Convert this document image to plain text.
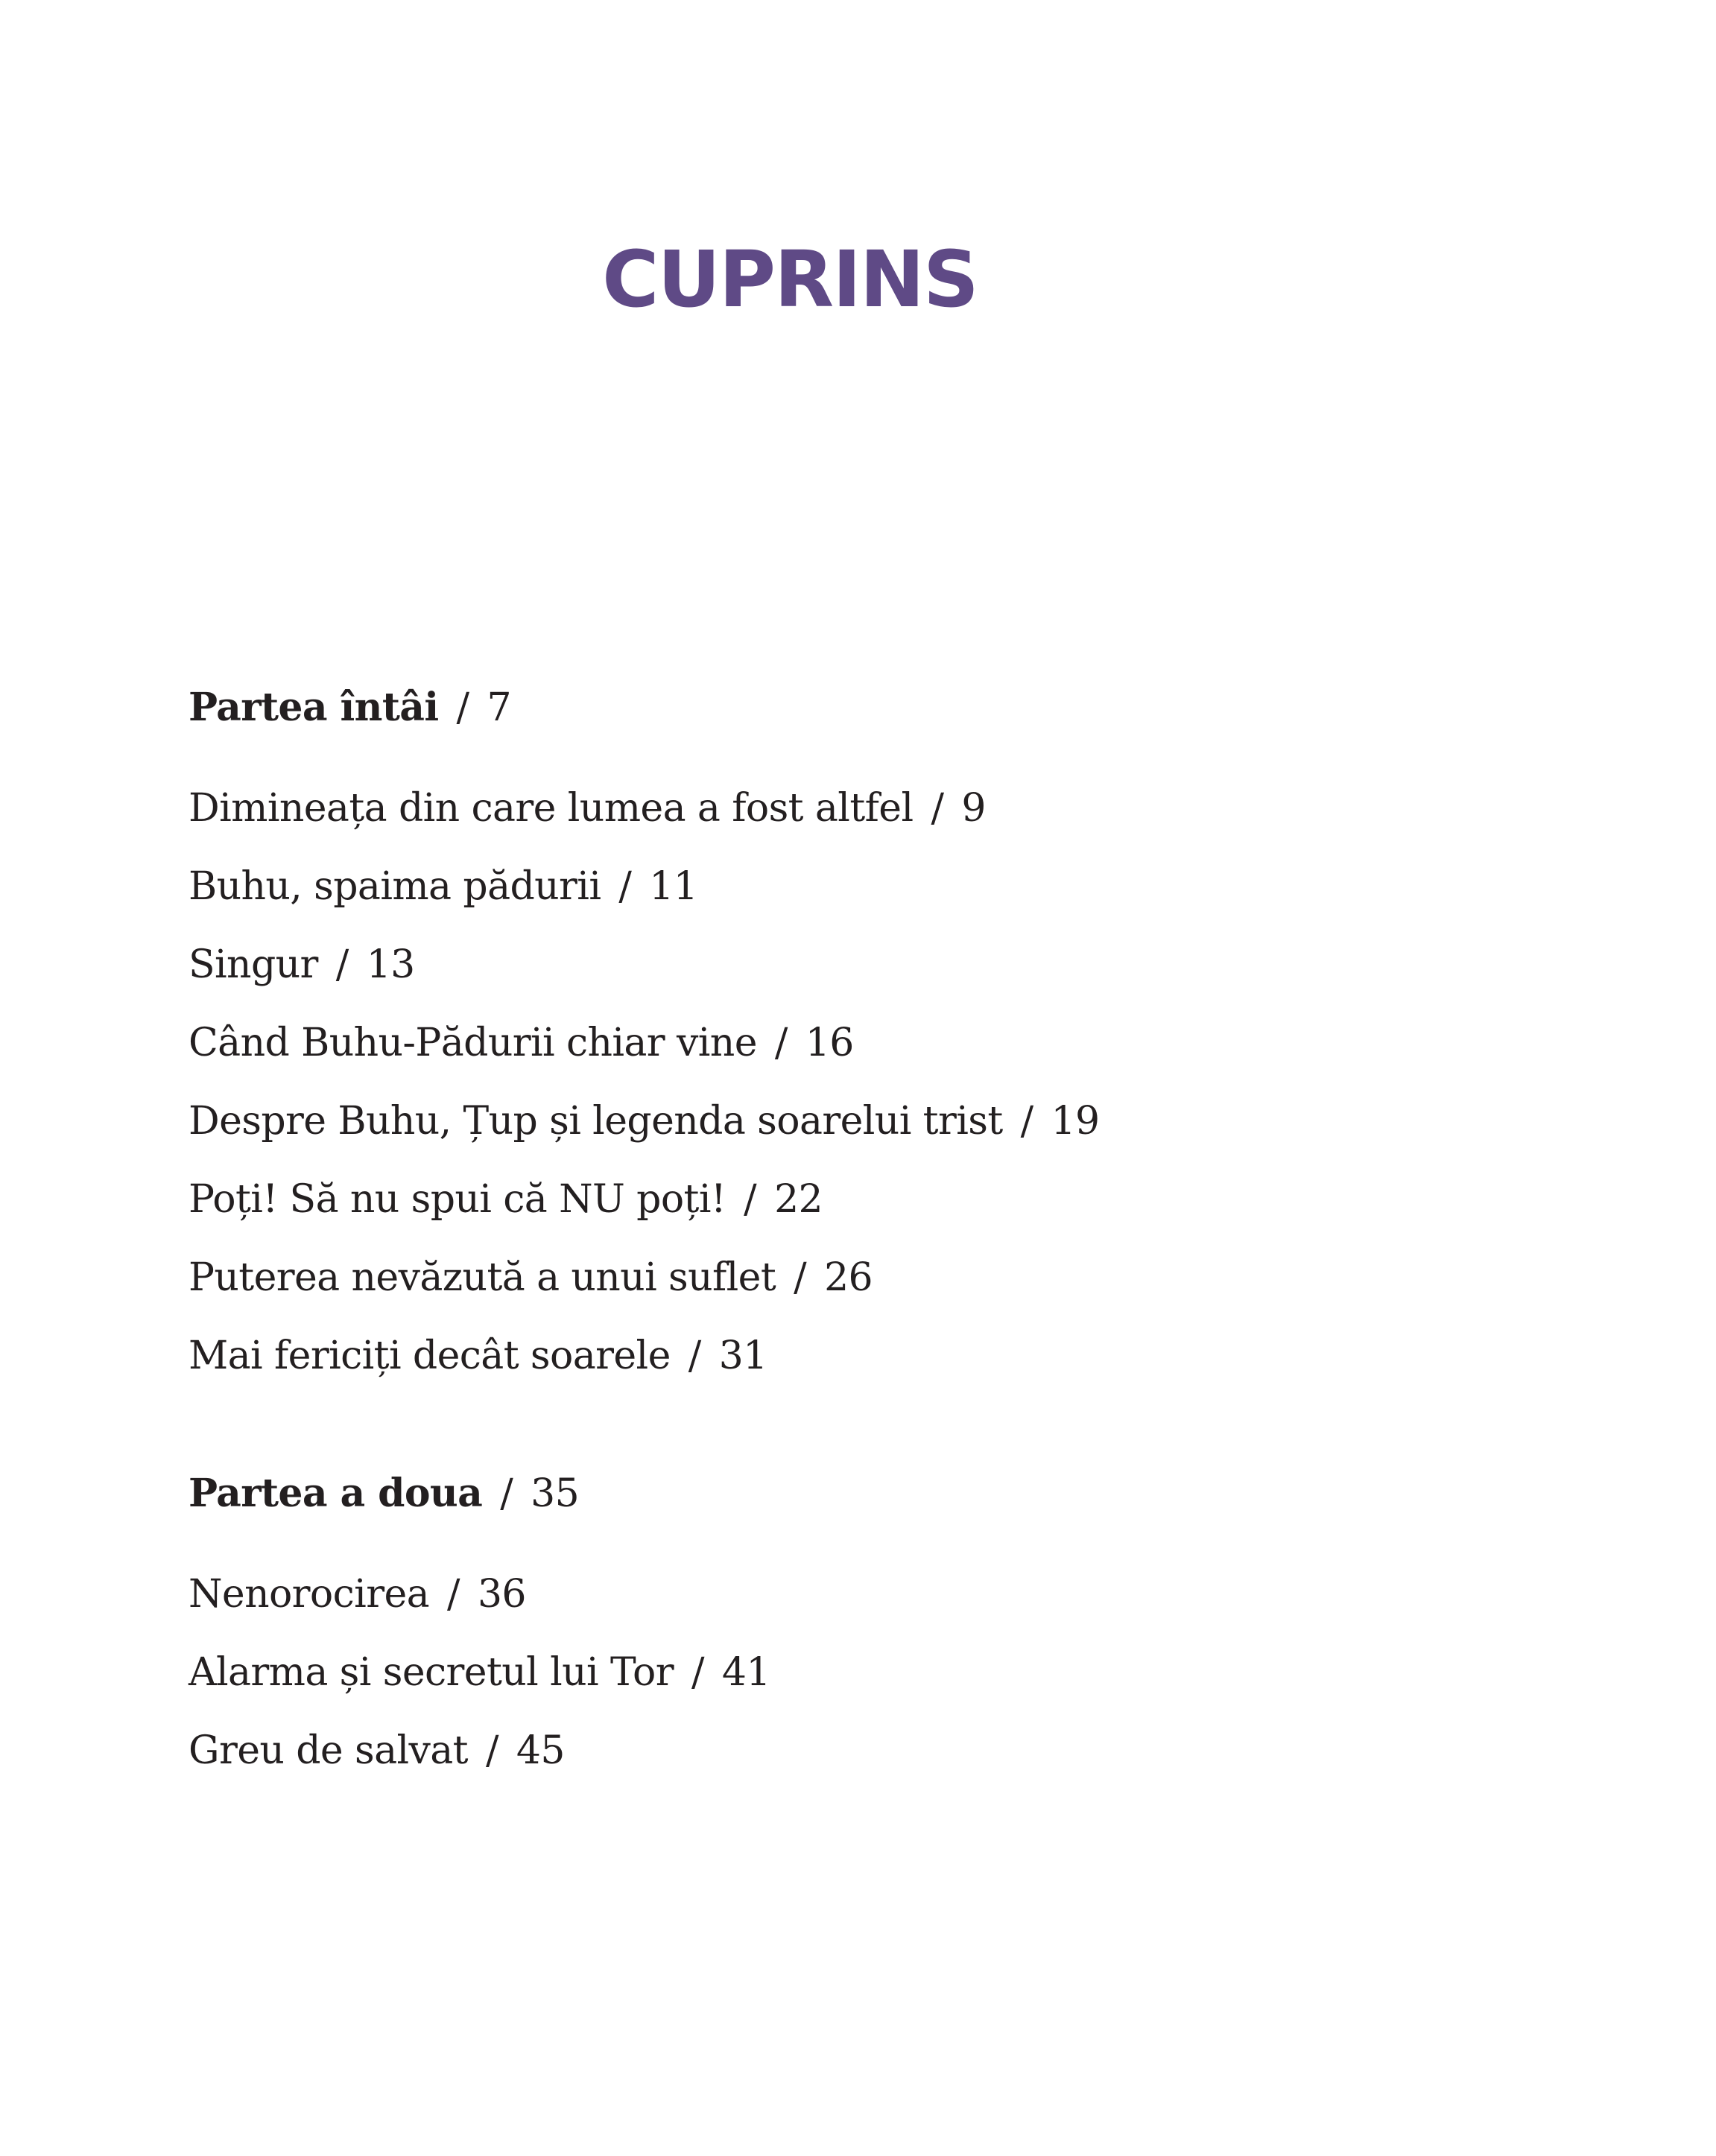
CUPRINS
Partea întâi / 7
Dimineața din care lumea a fost altfel / 9
Buhu, spaima pădurii / 11
Singur / 13
Când Buhu-Pădurii chiar vine / 16
Despre Buhu, Țup și legenda soarelui trist / 19
Poți! Să nu spui că NU poți! / 22
Puterea nevăzută a unui suflet / 26
Mai fericiți decât soarele / 31
Partea a doua / 35
Nenorocirea / 36
Alarma și secretul lui Tor / 41
Greu de salvat / 45
